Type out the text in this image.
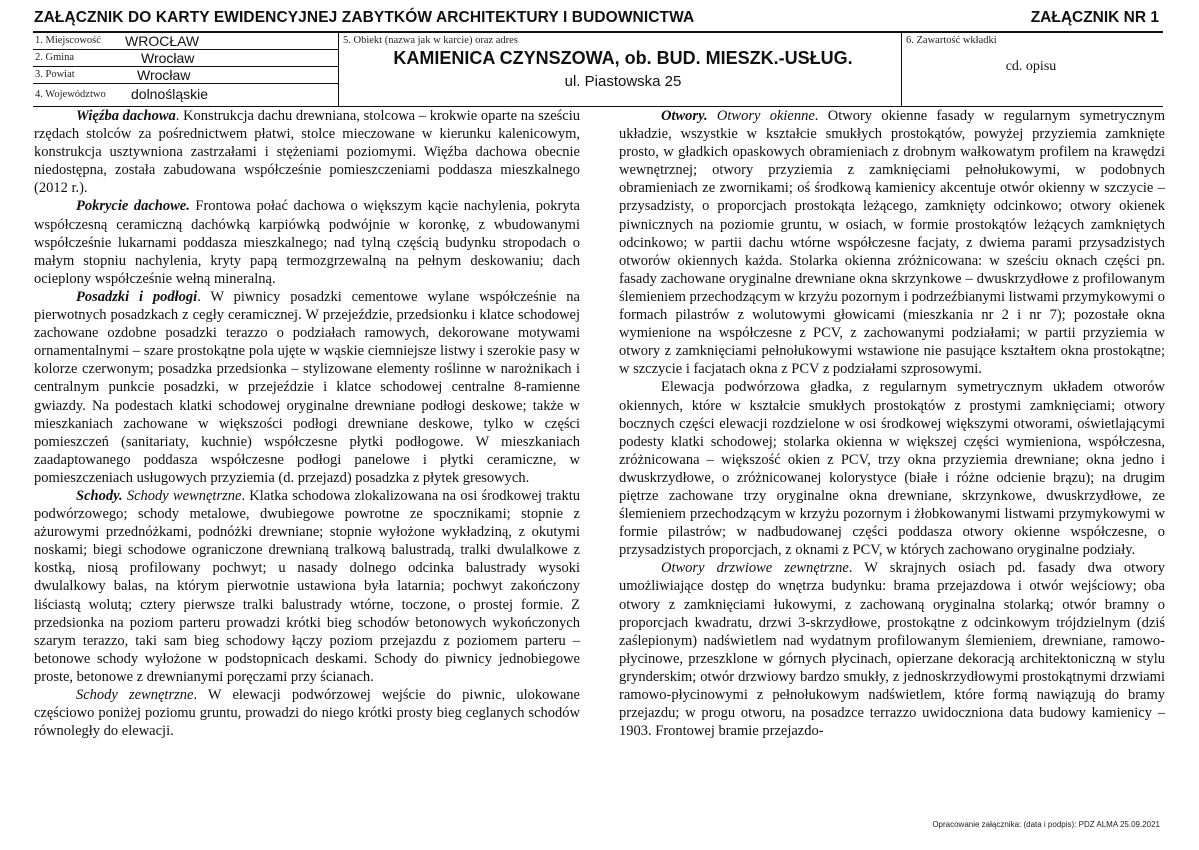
ZAŁĄCZNIK DO KARTY EWIDENCYJNEJ ZABYTKÓW ARCHITEKTURY I BUDOWNICTWA	ZAŁĄCZNIK NR 1
1. Miejscowość WROCŁAW
2. Gmina	Wrocław
3. Powiat	Wrocław
4. Województwo dolnośląskie
5. Obiekt (nazwa jak w karcie) oraz adres
KAMIENICA CZYNSZOWA, ob. BUD. MIESZK.-USŁUG.
ul. Piastowska 25
6. Zawartość wkładki
cd. opisu

Więźba dachowa. Konstrukcja dachu drewniana, stolcowa – krokwie oparte na sześciu rzędach stolców za pośrednictwem płatwi, stolce mieczowane w kierunku kalenicowym, konstrukcja usztywniona zastrzałami i stężeniami poziomymi. Więźba dachowa obecnie niedostępna, została zabudowana współcześnie pomieszczeniami poddasza mieszkalnego (2012 r.).

Pokrycie dachowe. Frontowa połać dachowa o większym kącie nachylenia, pokryta współczesną ceramiczną dachówką karpiówką podwójnie w koronkę, z wbudowanymi współcześnie lukarnami poddasza mieszkalnego; nad tylną częścią budynku stropodach o małym stopniu nachylenia, kryty papą termozgrzewalną na pełnym deskowaniu; dach ocieplony współcześnie wełną mineralną.

Posadzki i podłogi. W piwnicy posadzki cementowe wylane współcześnie na pierwotnych posadzkach z cegły ceramicznej. W przejeździe, przedsionku i klatce schodowej zachowane ozdobne posadzki terazzo o podziałach ramowych, dekorowane motywami ornamentalnymi – szare prostokątne pola ujęte w wąskie ciemniejsze listwy i szerokie pasy w kolorze czerwonym; posadzka przedsionka – stylizowane elementy roślinne w narożnikach i centralnym punkcie posadzki, w przejeździe i klatce schodowej centralne 8-ramienne gwiazdy. Na podestach klatki schodowej oryginalne drewniane podłogi deskowe; także w mieszkaniach zachowane w większości podłogi drewniane deskowe, tylko w części pomieszczeń (sanitariaty, kuchnie) współczesne płytki podłogowe. W mieszkaniach zaadaptowanego poddasza współczesne podłogi panelowe i płytki ceramiczne, w pomieszczeniach usługowych przyziemia (d. przejazd) posadzka z płytek gresowych.

Schody. Schody wewnętrzne. Klatka schodowa zlokalizowana na osi środkowej traktu podwórzowego; schody metalowe, dwubiegowe powrotne ze spocznikami; stopnie z ażurowymi przednóżkami, podnóżki drewniane; stopnie wyłożone wykładziną, z okutymi noskami; biegi schodowe ograniczone drewnianą tralkową balustradą, tralki dwulalkowe z kostką, niosą profilowany pochwyt; u nasady dolnego odcinka balustrady wysoki dwulalkowy balas, na którym pierwotnie ustawiona była latarnia; pochwyt zakończony liściastą wolutą; cztery pierwsze tralki balustrady wtórne, toczone, o prostej formie. Z przedsionka na poziom parteru prowadzi krótki bieg schodów betonowych wykończonych szarym terazzo, taki sam bieg schodowy łączy poziom przejazdu z poziomem parteru – betonowe schody wyłożone w podstopnicach deskami. Schody do piwnicy jednobiegowe proste, betonowe z drewnianymi poręczami przy ścianach.

Schody zewnętrzne. W elewacji podwórzowej wejście do piwnic, ulokowane częściowo poniżej poziomu gruntu, prowadzi do niego krótki prosty bieg ceglanych schodów równoległy do elewacji.

Otwory. Otwory okienne. Otwory okienne fasady w regularnym symetrycznym układzie, wszystkie w kształcie smukłych prostokątów, powyżej przyziemia zamknięte prosto, w gładkich opaskowych obramieniach z drobnym wałkowatym profilem na krawędzi wewnętrznej; otwory przyziemia z zamknięciami pełnołukowymi, w podobnych obramieniach ze zwornikami; oś środkową kamienicy akcentuje otwór okienny w szczycie – przysadzisty, o proporcjach prostokąta leżącego, zamknięty odcinkowo; otwory okienek piwnicznych na poziomie gruntu, w osiach, w formie prostokątów leżących zamkniętych odcinkowo; w partii dachu wtórne współczesne facjaty, z dwiema parami przysadzistych otworów okiennych każda. Stolarka okienna zróżnicowana: w sześciu oknach części pn. fasady zachowane oryginalne drewniane okna skrzynkowe – dwuskrzydłowe z profilowanym ślemieniem przechodzącym w krzyżu pozornym i podrzeźbianymi listwami przymykowymi o formach pilastrów z wolutowymi głowicami (mieszkania nr 2 i nr 7); pozostałe okna wymienione na współczesne z PCV, z zachowanymi podziałami; w partii przyziemia w otwory z zamknięciami pełnołukowymi wstawione nie pasujące kształtem okna prostokątne; w szczycie i facjatach okna z PCV z podziałami szprosowymi.

Elewacja podwórzowa gładka, z regularnym symetrycznym układem otworów okiennych, które w kształcie smukłych prostokątów z prostymi zamknięciami; otwory bocznych części elewacji rozdzielone w osi środkowej większymi otworami, oświetlającymi podesty klatki schodowej; stolarka okienna w większej części wymieniona, współczesna, zróżnicowana – większość okien z PCV, trzy okna przyziemia drewniane; okna jedno i dwuskrzydłowe, o zróżnicowanej kolorystyce (białe i różne odcienie brązu); na drugim piętrze zachowane trzy oryginalne okna drewniane, skrzynkowe, dwuskrzydłowe, ze ślemieniem przechodzącym w krzyżu pozornym i żłobkowanymi listwami przymykowymi w formie pilastrów; w nadbudowanej części poddasza otwory okienne współczesne, o przysadzistych proporcjach, z oknami z PCV, w których zachowano oryginalne podziały.

Otwory drzwiowe zewnętrzne. W skrajnych osiach pd. fasady dwa otwory umożliwiające dostęp do wnętrza budynku: brama przejazdowa i otwór wejściowy; oba otwory z zamknięciami łukowymi, z zachowaną oryginalna stolarką; otwór bramny o proporcjach kwadratu, drzwi 3-skrzydłowe, prostokątne z odcinkowym trójdzielnym (dziś zaślepionym) nadświetlem nad wydatnym profilowanym ślemieniem, drewniane, ramowo-płycinowe, przeszklone w górnych płycinach, opierzane dekoracją architektoniczną w stylu grynderskim; otwór drzwiowy bardzo smukły, z jednoskrzydłowymi prostokątnymi drzwiami ramowo-płycinowymi z pełnołukowym nadświetlem, które formą nawiązują do bramy przejazdu; w progu otworu, na posadzce terrazzo uwidoczniona data budowy kamienicy – 1903. Frontowej bramie przejazdo-

Opracowanie załącznika: (data i podpis): PDZ ALMA 25.09.2021
